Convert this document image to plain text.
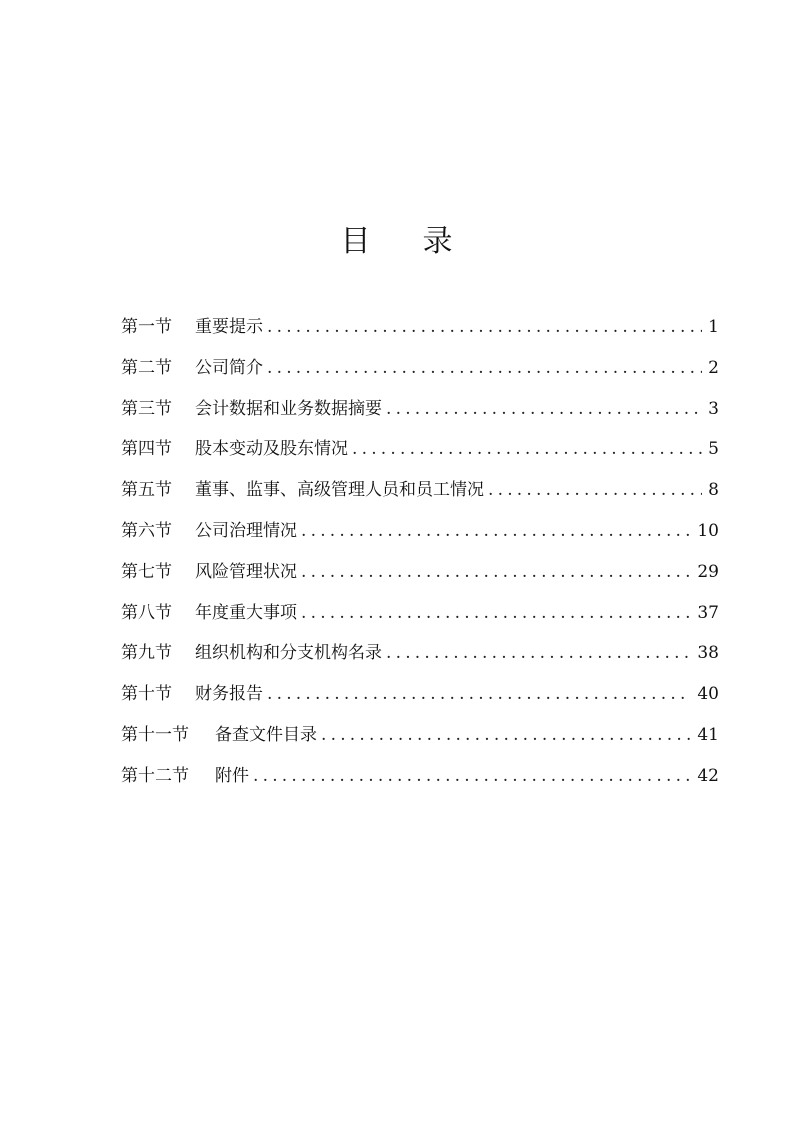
目 录
第一节	重要提示 .....	1
第二节	公司简介 .....	2
第三节	会计数据和业务数据摘要 .....	3
第四节	股本变动及股东情况 .....	5
第五节	董事、监事、高级管理人员和员工情况 .....	8
第六节	公司治理情况 .....	10
第七节	风险管理状况 .....	29
第八节	年度重大事项 .....	37
第九节	组织机构和分支机构名录 .....	38
第十节	财务报告 .....	40
第十一节	备查文件目录 .....	41
第十二节	附件 .....	42
